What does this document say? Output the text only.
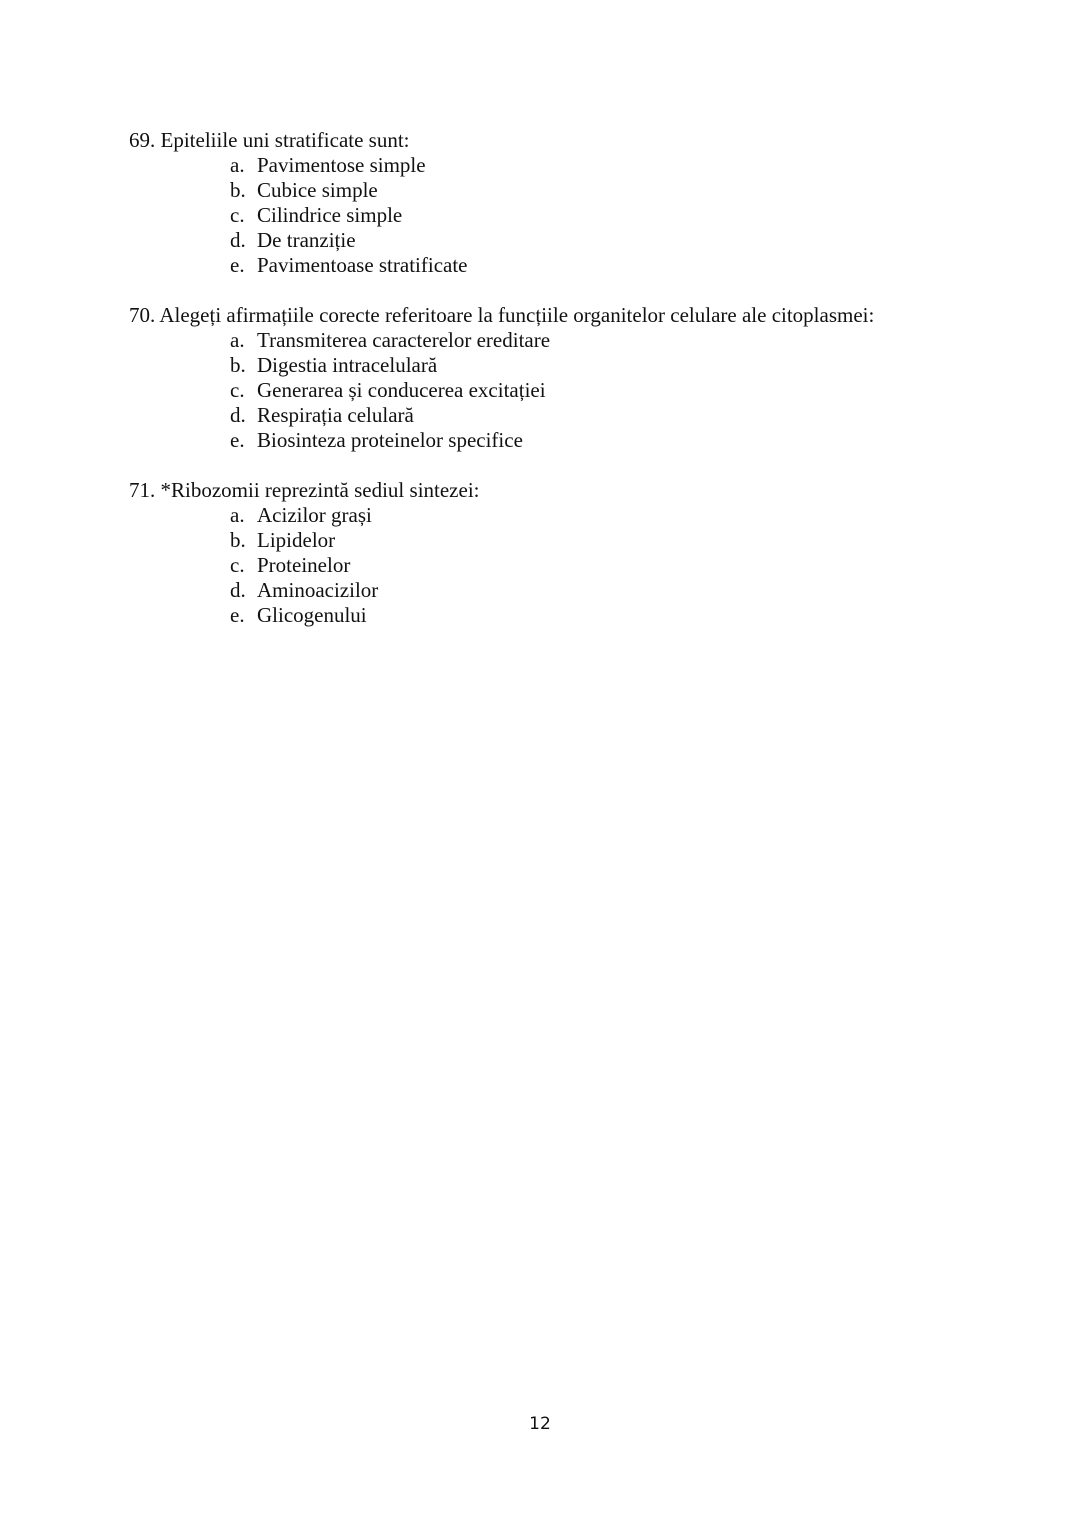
69. Epiteliile uni stratificate sunt:
a. Pavimentose simple
b. Cubice simple
c. Cilindrice simple
d. De tranziție
e. Pavimentoase stratificate
70. Alegeți afirmațiile corecte referitoare la funcțiile organitelor celulare ale citoplasmei:
a. Transmiterea caracterelor ereditare
b. Digestia intracelulară
c. Generarea și conducerea excitației
d. Respirația celulară
e. Biosinteza proteinelor specifice
71. *Ribozomii reprezintă sediul sintezei:
a. Acizilor grași
b. Lipidelor
c. Proteinelor
d. Aminoacizilor
e. Glicogenului
12
